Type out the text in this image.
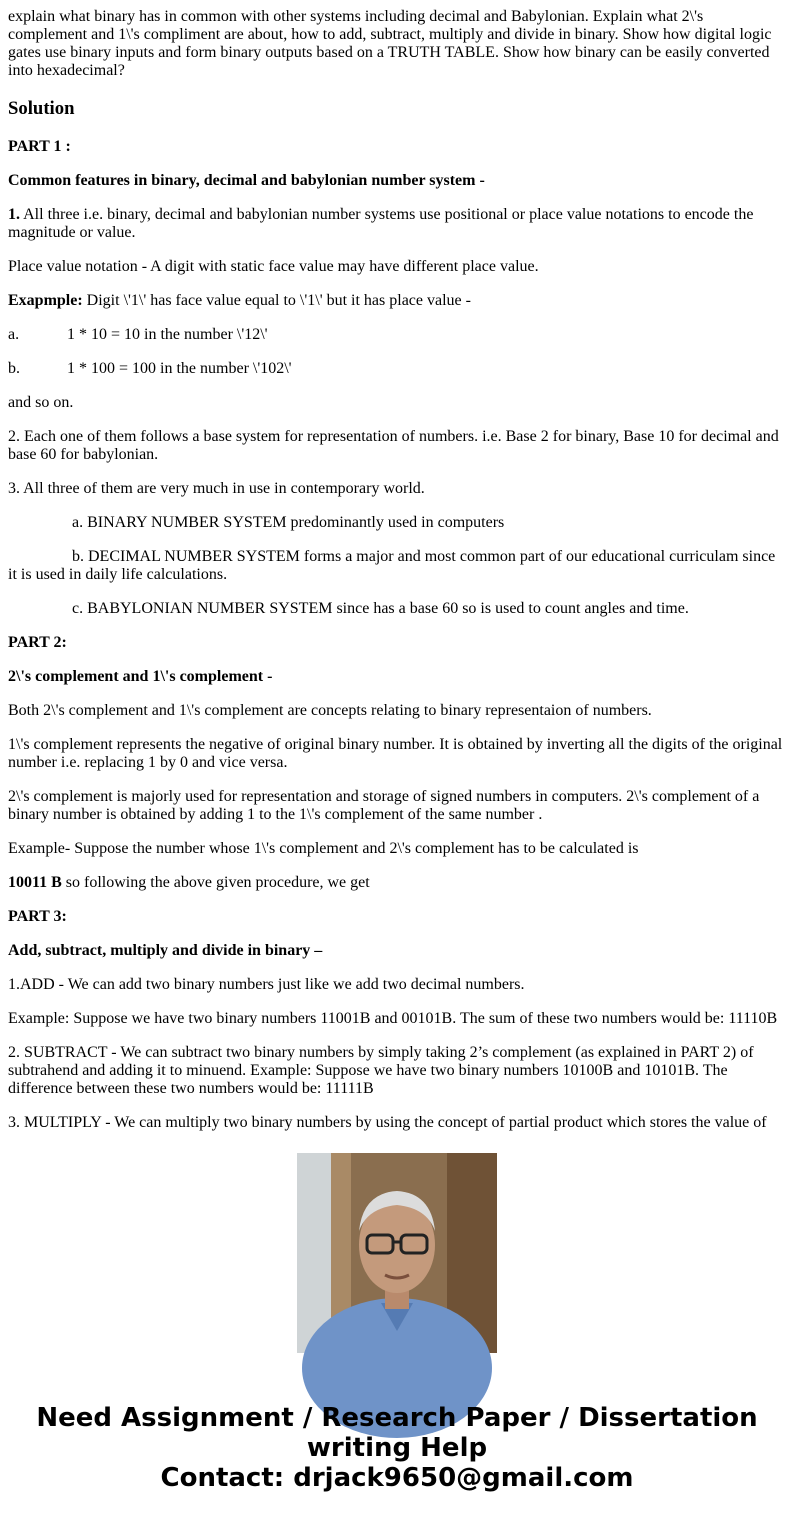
explain what binary has in common with other systems including decimal and Babylonian. Explain what 2\'s complement and 1\'s compliment are about, how to add, subtract, multiply and divide in binary. Show how digital logic gates use binary inputs and form binary outputs based on a TRUTH TABLE. Show how binary can be easily converted into hexadecimal?

Solution

PART 1 :

Common features in binary, decimal and babylonian number system -

1. All three i.e. binary, decimal and babylonian number systems use positional or place value notations to encode the magnitude or value.

Place value notation - A digit with static face value may have different place value.

Exapmple: Digit \'1\' has face value equal to \'1\' but it has place value -

a.	1 * 10 = 10 in the number \'12\'

b.	1 * 100 = 100 in the number \'102\'

and so on.

2. Each one of them follows a base system for representation of numbers. i.e. Base 2 for binary, Base 10 for decimal and base 60 for babylonian.

3. All three of them are very much in use in contemporary world.

a. BINARY NUMBER SYSTEM predominantly used in computers

b. DECIMAL NUMBER SYSTEM forms a major and most common part of our educational curriculam since it is used in daily life calculations.

c. BABYLONIAN NUMBER SYSTEM since has a base 60 so is used to count angles and time.

PART 2:

2\'s complement and 1\'s complement -

Both 2\'s complement and 1\'s complement are concepts relating to binary representaion of numbers.

1\'s complement represents the negative of original binary number. It is obtained by inverting all the digits of the original number i.e. replacing 1 by 0 and vice versa.

2\'s complement is majorly used for representation and storage of signed numbers in computers. 2\'s complement of a binary number is obtained by adding 1 to the 1\'s complement of the same number .

Example- Suppose the number whose 1\'s complement and 2\'s complement has to be calculated is

10011 B so following the above given procedure, we get

PART 3:

Add, subtract, multiply and divide in binary –

1.ADD - We can add two binary numbers just like we add two decimal numbers.

Example: Suppose we have two binary numbers 11001B and 00101B. The sum of these two numbers would be: 11110B

2. SUBTRACT - We can subtract two binary numbers by simply taking 2’s complement (as explained in PART 2) of subtrahend and adding it to minuend. Example: Suppose we have two binary numbers 10100B and 10101B. The difference between these two numbers would be: 11111B

3. MULTIPLY - We can multiply two binary numbers by using the concept of partial product which stores the value of

Need Assignment / Research Paper / Dissertation
writing Help
Contact: drjack9650@gmail.com
